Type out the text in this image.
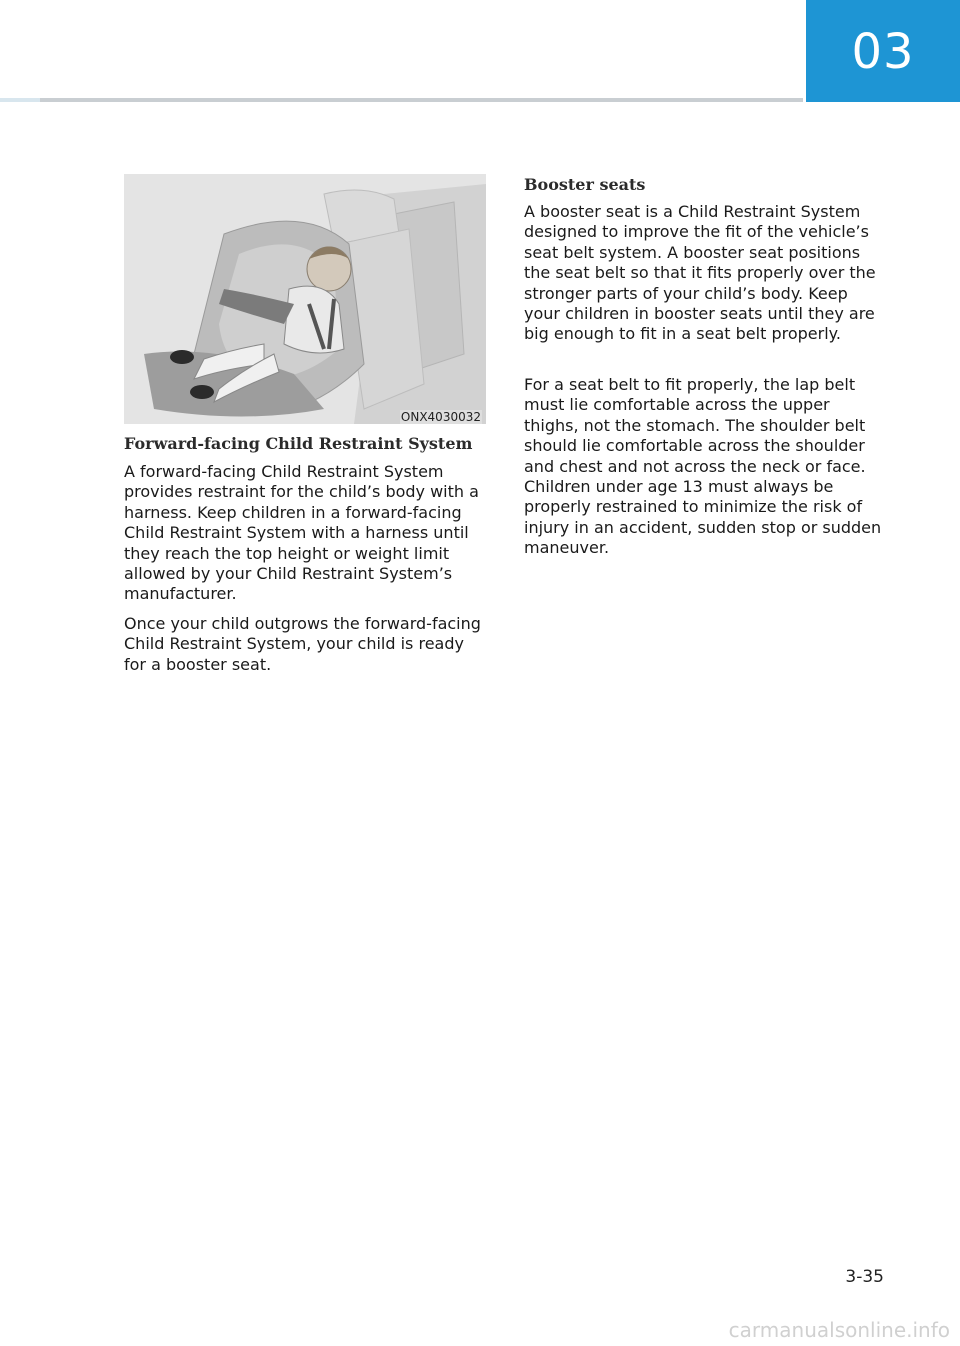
03
ONX4030032
Forward-facing Child Restraint System

A forward-facing Child Restraint System provides restraint for the child’s body with a harness. Keep children in a forward-facing Child Restraint System with a harness until they reach the top height or weight limit allowed by your Child Restraint System’s manufacturer.

Once your child outgrows the forward-facing Child Restraint System, your child is ready for a booster seat.

Booster seats

A booster seat is a Child Restraint System designed to improve the fit of the vehicle’s seat belt system. A booster seat positions the seat belt so that it fits properly over the stronger parts of your child’s body. Keep your children in booster seats until they are big enough to fit in a seat belt properly.

For a seat belt to fit properly, the lap belt must lie comfortable across the upper thighs, not the stomach. The shoulder belt should lie comfortable across the shoulder and chest and not across the neck or face. Children under age 13 must always be properly restrained to minimize the risk of injury in an accident, sudden stop or sudden maneuver.

3-35
carmanualsonline.info
